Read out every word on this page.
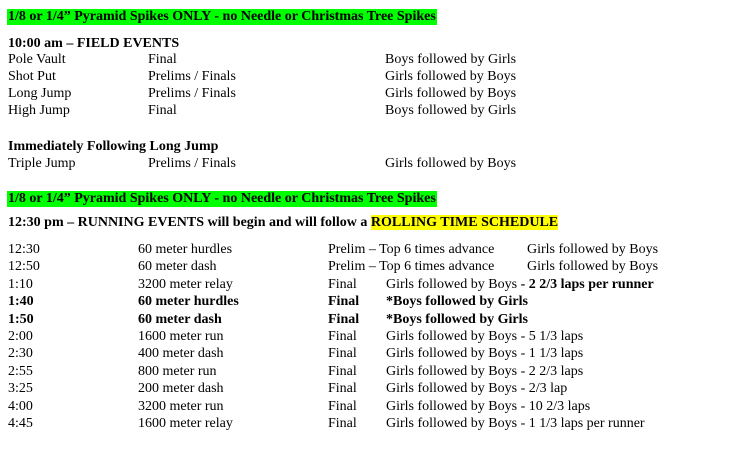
1/8 or 1/4” Pyramid Spikes ONLY - no Needle or Christmas Tree Spikes
10:00 am – FIELD EVENTS
Pole Vault	Final	Boys followed by Girls
Shot Put	Prelims / Finals	Girls followed by Boys
Long Jump	Prelims / Finals	Girls followed by Boys
High Jump	Final	Boys followed by Girls
Immediately Following Long Jump
Triple Jump	Prelims / Finals	Girls followed by Boys
1/8 or 1/4” Pyramid Spikes ONLY - no Needle or Christmas Tree Spikes
12:30 pm – RUNNING EVENTS will begin and will follow a ROLLING TIME SCHEDULE
12:30	60 meter hurdles	Prelim – Top 6 times advance Girls followed by Boys
12:50	60 meter dash	Prelim – Top 6 times advance Girls followed by Boys
1:10	3200 meter relay	Final Girls followed by Boys - 2 2/3 laps per runner
1:40	60 meter hurdles	Final *Boys followed by Girls
1:50	60 meter dash	Final *Boys followed by Girls
2:00	1600 meter run	Final Girls followed by Boys - 5 1/3 laps
2:30	400 meter dash	Final Girls followed by Boys - 1 1/3 laps
2:55	800 meter run	Final Girls followed by Boys - 2 2/3 laps
3:25	200 meter dash	Final Girls followed by Boys - 2/3 lap
4:00	3200 meter run	Final Girls followed by Boys - 10 2/3 laps
4:45	1600 meter relay	Final Girls followed by Boys - 1 1/3 laps per runner
